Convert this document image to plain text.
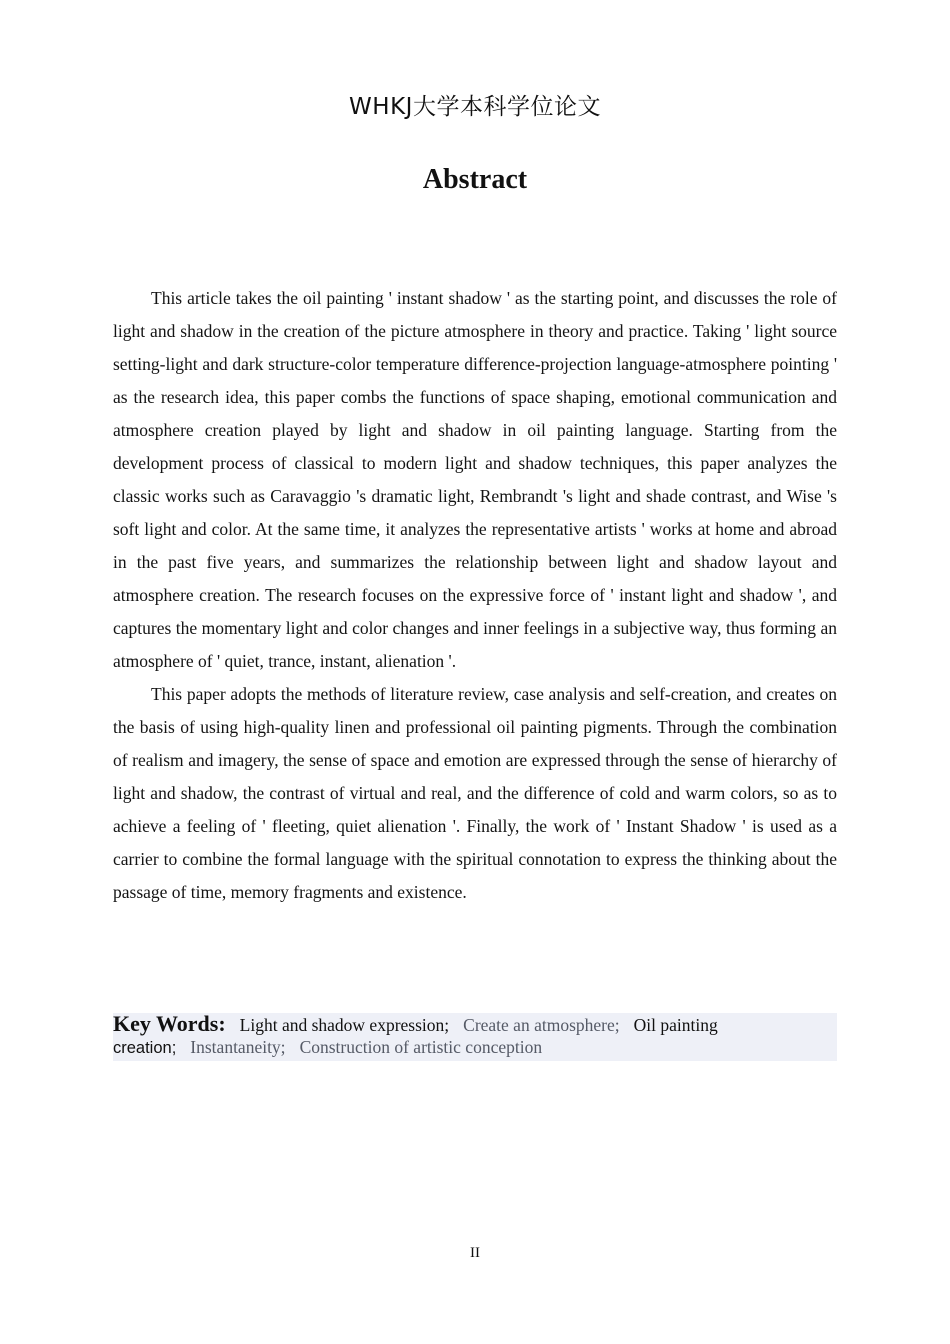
WHKJ大学本科学位论文
Abstract

This article takes the oil painting ' instant shadow ' as the starting point, and discusses the role of light and shadow in the creation of the picture atmosphere in theory and practice. Taking ' light source setting-light and dark structure-color temperature difference-projection language-atmosphere pointing ' as the research idea, this paper combs the functions of space shaping, emotional communication and atmosphere creation played by light and shadow in oil painting language. Starting from the development process of classical to modern light and shadow techniques, this paper analyzes the classic works such as Caravaggio 's dramatic light, Rembrandt 's light and shade contrast, and Wise 's soft light and color. At the same time, it analyzes the representative artists ' works at home and abroad in the past five years, and summarizes the relationship between light and shadow layout and atmosphere creation. The research focuses on the expressive force of ' instant light and shadow ', and captures the momentary light and color changes and inner feelings in a subjective way, thus forming an atmosphere of ' quiet, trance, instant, alienation '.

This paper adopts the methods of literature review, case analysis and self-creation, and creates on the basis of using high-quality linen and professional oil painting pigments. Through the combination of realism and imagery, the sense of space and emotion are expressed through the sense of hierarchy of light and shadow, the contrast of virtual and real, and the difference of cold and warm colors, so as to achieve a feeling of ' fleeting, quiet alienation '. Finally, the work of ' Instant Shadow ' is used as a carrier to combine the formal language with the spiritual connotation to express the thinking about the passage of time, memory fragments and existence.

Key Words: Light and shadow expression; Create an atmosphere; Oil painting
creation; Instantaneity; Construction of artistic conception
II
